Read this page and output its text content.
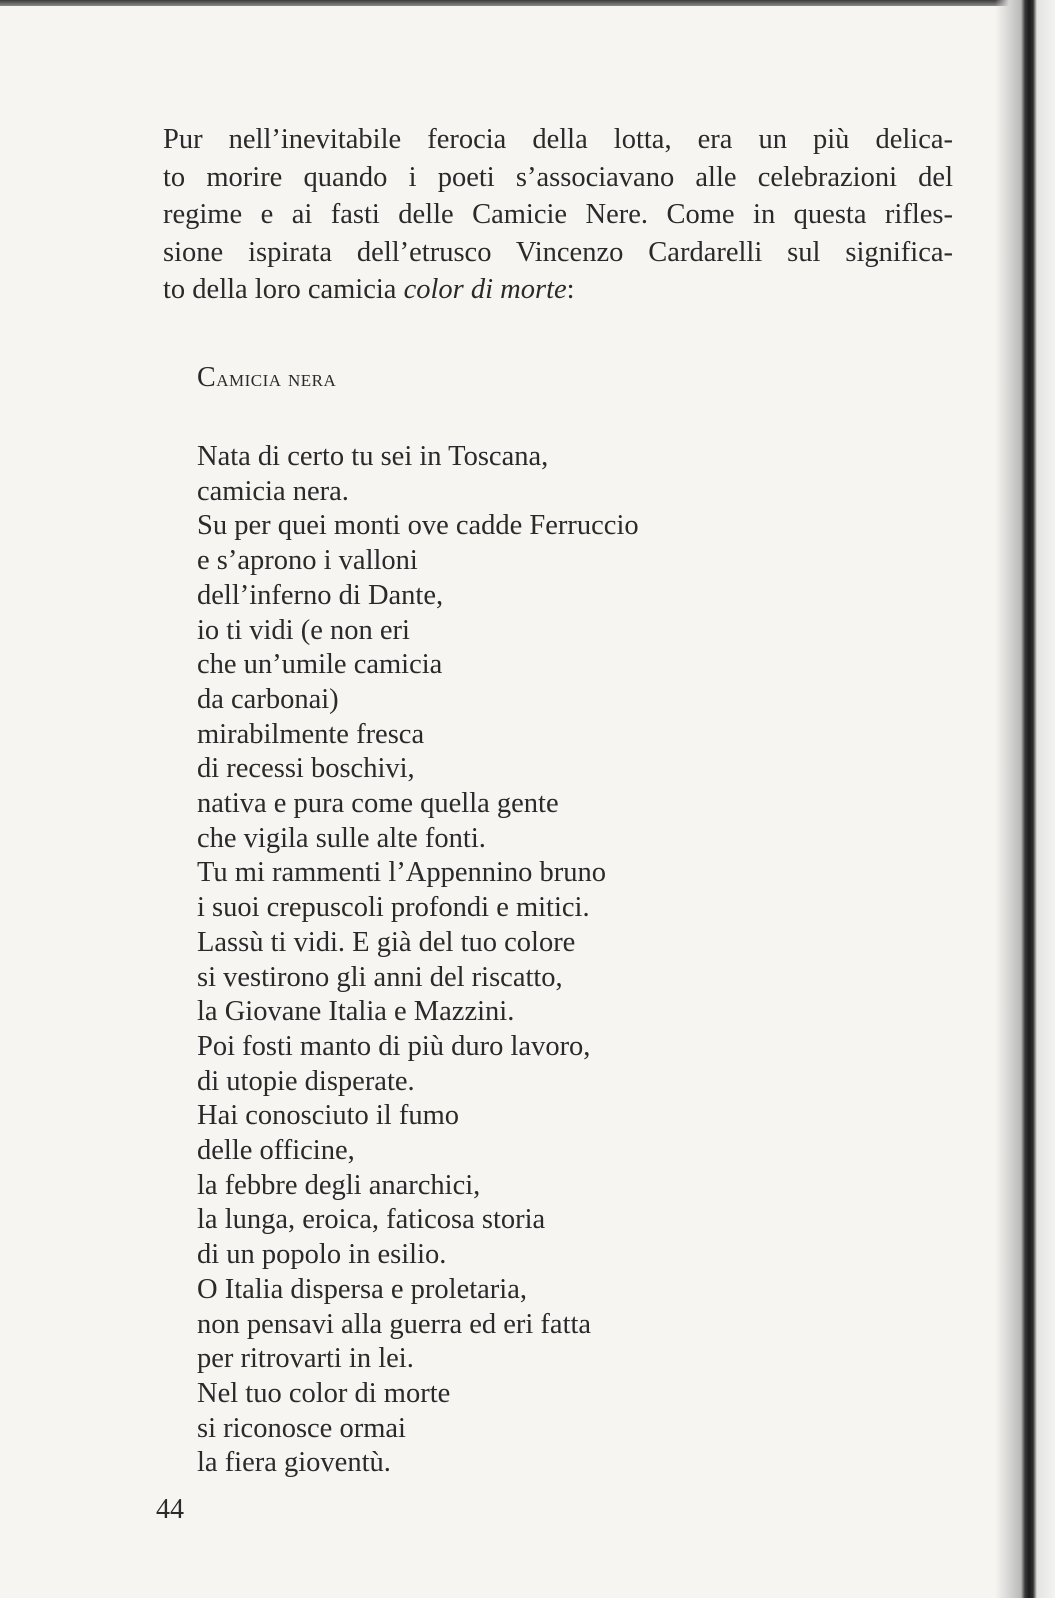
Pur nell’inevitabile ferocia della lotta, era un più delica-
to morire quando i poeti s’associavano alle celebrazioni del
regime e ai fasti delle Camicie Nere. Come in questa rifles-
sione ispirata dell’etrusco Vincenzo Cardarelli sul significa-
to della loro camicia color di morte:

Camicia nera

Nata di certo tu sei in Toscana,
camicia nera.
Su per quei monti ove cadde Ferruccio
e s’aprono i valloni
dell’inferno di Dante,
io ti vidi (e non eri
che un’umile camicia
da carbonai)
mirabilmente fresca
di recessi boschivi,
nativa e pura come quella gente
che vigila sulle alte fonti.
Tu mi rammenti l’Appennino bruno
i suoi crepuscoli profondi e mitici.
Lassù ti vidi. E già del tuo colore
si vestirono gli anni del riscatto,
la Giovane Italia e Mazzini.
Poi fosti manto di più duro lavoro,
di utopie disperate.
Hai conosciuto il fumo
delle officine,
la febbre degli anarchici,
la lunga, eroica, faticosa storia
di un popolo in esilio.
O Italia dispersa e proletaria,
non pensavi alla guerra ed eri fatta
per ritrovarti in lei.
Nel tuo color di morte
si riconosce ormai
la fiera gioventù.
44
